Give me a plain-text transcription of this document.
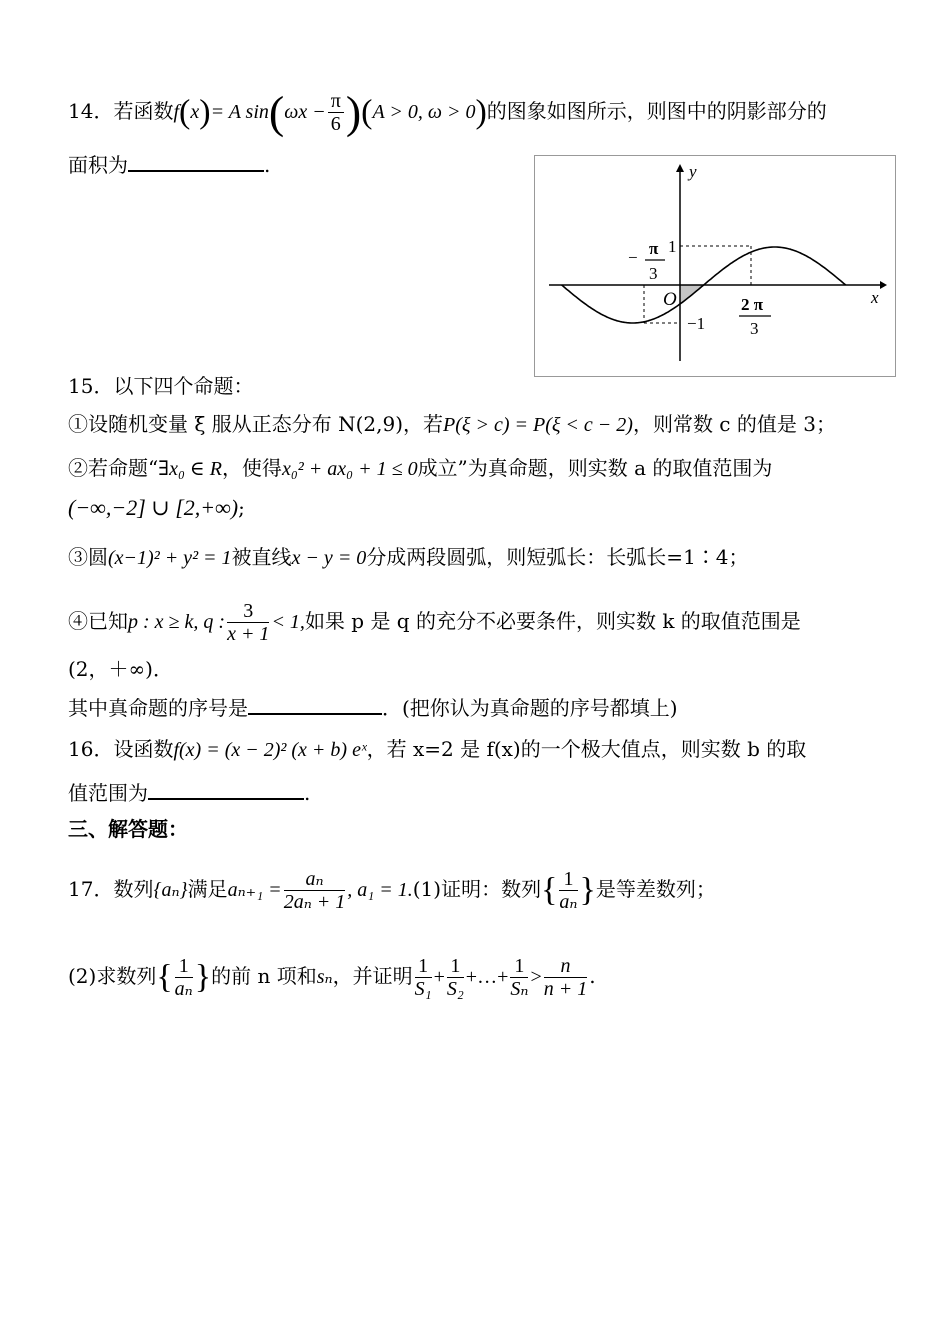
14．若函数f(x)= A $\sin(\omega x - \frac{\pi}{6} )(A > 0$, ω > 0)的图象如图所示，则图中的阴影部分的
面积为	.	y
x
O
1
−1
− π
3
2 π
3
15．以下四个命题：
①设随机变量 ξ 服从正态分布 N(2,9)，若P(ξ > c) = P(ξ < c − 2)，则常数 c 的值是 3；
②若命题“∃x₀ ∈ R，使得x₀² + ax₀ + 1 ≤ 0成立”为真命题，则实数 a 的取值范围为
(−∞,−2] ∪ [2,+∞);
③圆(x−1)² + y² = 1被直线x − y = 0分成两段圆弧，则短弧长：长弧长=1∶4；
④已知p : x ≥ k, q : $\frac{3}{x + 1} < 1$,如果 p 是 q 的充分不必要条件，则实数 k 的取值范围是
(2，＋∞)．
其中真命题的序号是	．(把你认为真命题的序号都填上)
16．设函数f(x) = (x − 2)² (x + b) eˣ，若 x=2 是 f(x)的一个极大值点，则实数 b 的取
值范围为	.
三、解答题：
17．数列{aₙ}满足$a_{n+1} = \frac{\text{aₙ}}{\text{2aₙ + 1}}$ , a₁ = 1.(1)证明：数列{ $\frac{1}{\text{aₙ}}$ }是等差数列；
(2)求数列{ $\frac{1}{\text{aₙ}}$ }的前 n 项和sₙ，并证明 $\frac{1}{\text{S₁}} + \frac{1}{\text{S₂}}$ +…+ $\frac{1}{\text{Sₙ}} > \frac{n}{n + 1}$ .
